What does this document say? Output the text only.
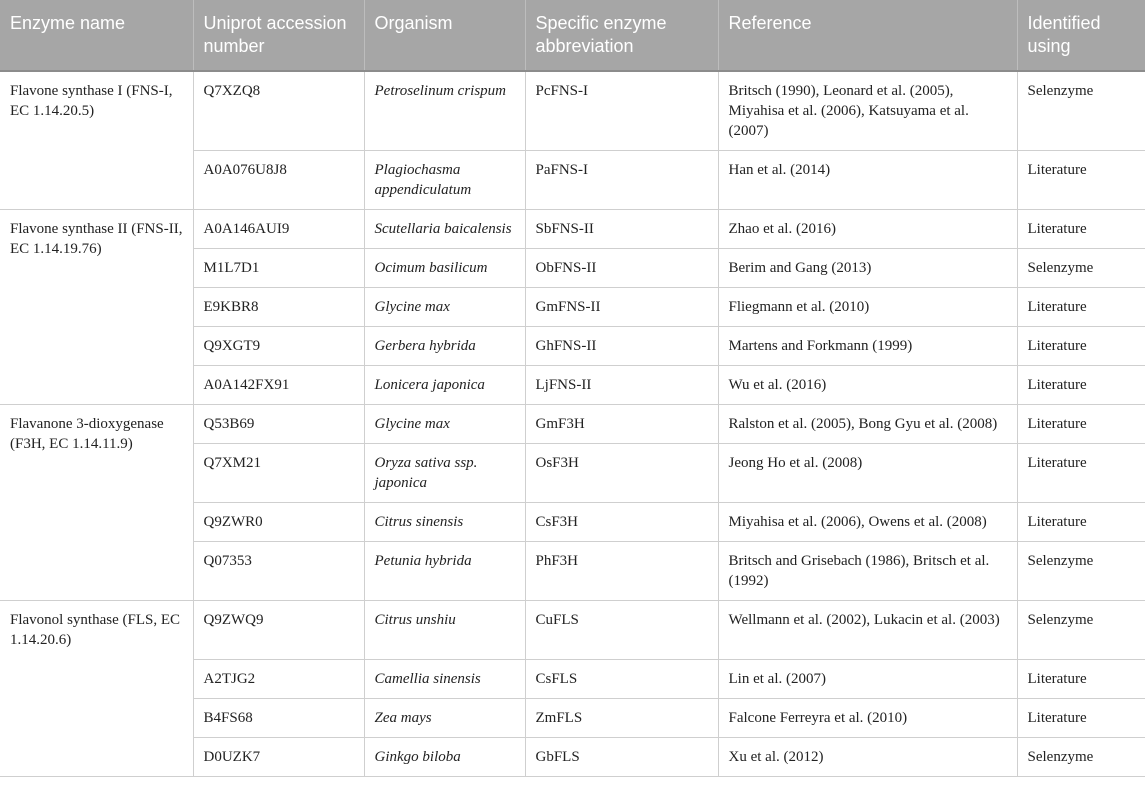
Enzyme name	Uniprot accession number	Organism	Specific enzyme abbreviation	Reference	Identified using
Flavone synthase I (FNS-I, EC 1.14.20.5)	Q7XZQ8	Petroselinum crispum	PcFNS-I	Britsch (1990), Leonard et al. (2005), Miyahisa et al. (2006), Katsuyama et al. (2007)	Selenzyme
	A0A076U8J8	Plagiochasma appendiculatum	PaFNS-I	Han et al. (2014)	Literature
Flavone synthase II (FNS-II, EC 1.14.19.76)	A0A146AUI9	Scutellaria baicalensis	SbFNS-II	Zhao et al. (2016)	Literature
	M1L7D1	Ocimum basilicum	ObFNS-II	Berim and Gang (2013)	Selenzyme
	E9KBR8	Glycine max	GmFNS-II	Fliegmann et al. (2010)	Literature
	Q9XGT9	Gerbera hybrida	GhFNS-II	Martens and Forkmann (1999)	Literature
	A0A142FX91	Lonicera japonica	LjFNS-II	Wu et al. (2016)	Literature
Flavanone 3-dioxygenase (F3H, EC 1.14.11.9)	Q53B69	Glycine max	GmF3H	Ralston et al. (2005), Bong Gyu et al. (2008)	Literature
	Q7XM21	Oryza sativa ssp. japonica	OsF3H	Jeong Ho et al. (2008)	Literature
	Q9ZWR0	Citrus sinensis	CsF3H	Miyahisa et al. (2006), Owens et al. (2008)	Literature
	Q07353	Petunia hybrida	PhF3H	Britsch and Grisebach (1986), Britsch et al. (1992)	Selenzyme
Flavonol synthase (FLS, EC 1.14.20.6)	Q9ZWQ9	Citrus unshiu	CuFLS	Wellmann et al. (2002), Lukacin et al. (2003)	Selenzyme
	A2TJG2	Camellia sinensis	CsFLS	Lin et al. (2007)	Literature
	B4FS68	Zea mays	ZmFLS	Falcone Ferreyra et al. (2010)	Literature
	D0UZK7	Ginkgo biloba	GbFLS	Xu et al. (2012)	Selenzyme
